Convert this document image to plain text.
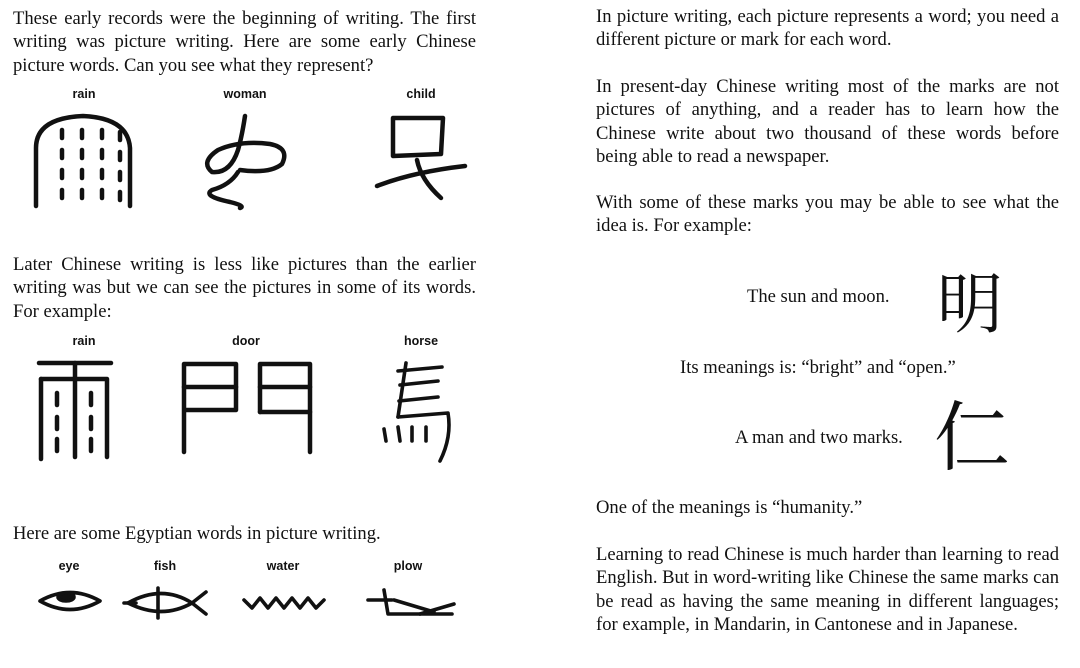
These early records were the beginning of writing. The first writing was picture writing. Here are some early Chinese picture words. Can you see what they represent?

rain	woman	child

Later Chinese writing is less like pictures than the earlier writing was but we can see the pictures in some of its words. For example:

rain	door	horse

Here are some Egyptian words in picture writing.

eye	fish	water	plow

In picture writing, each picture represents a word; you need a different picture or mark for each word.

In present-day Chinese writing most of the marks are not pictures of anything, and a reader has to learn how the Chinese write about two thousand of these words before being able to read a newspaper.

With some of these marks you may be able to see what the idea is. For example:

The sun and moon. 明
Its meanings is: “bright” and “open.”
A man and two marks. 仁
One of the meanings is “humanity.”

Learning to read Chinese is much harder than learning to read English. But in word-writing like Chinese the same marks can be read as having the same meaning in different languages; for example, in Mandarin, in Cantonese and in Japanese.
